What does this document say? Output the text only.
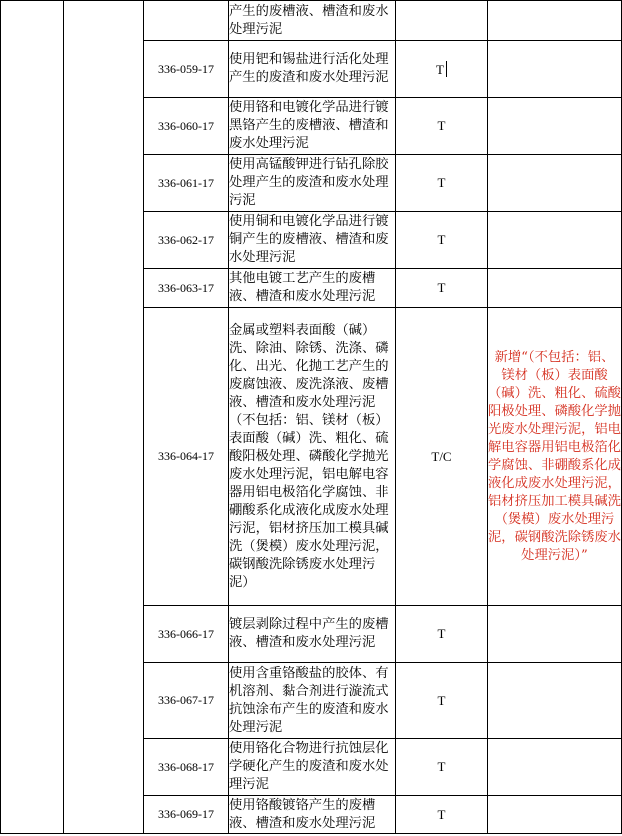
			产生的废槽液、槽渣和废水处理污泥		
		336-059-17	使用钯和锡盐进行活化处理产生的废渣和废水处理污泥	T	
		336-060-17	使用铬和电镀化学品进行镀黑铬产生的废槽液、槽渣和废水处理污泥	T	
		336-061-17	使用高锰酸钾进行钻孔除胶处理产生的废渣和废水处理污泥	T	
		336-062-17	使用铜和电镀化学品进行镀铜产生的废槽液、槽渣和废水处理污泥	T	
		336-063-17	其他电镀工艺产生的废槽液、槽渣和废水处理污泥	T	
		336-064-17	金属或塑料表面酸（碱）洗、除油、除锈、洗涤、磷化、出光、化抛工艺产生的废腐蚀液、废洗涤液、废槽液、槽渣和废水处理污泥（不包括：铝、镁材（板）表面酸（碱）洗、粗化、硫酸阳极处理、磷酸化学抛光废水处理污泥，铝电解电容器用铝电极箔化学腐蚀、非硼酸系化成液化成废水处理污泥，铝材挤压加工模具碱洗（煲模）废水处理污泥，碳钢酸洗除锈废水处理污泥）	T/C	新增“（不包括：铝、镁材（板）表面酸（碱）洗、粗化、硫酸阳极处理、磷酸化学抛光废水处理污泥，铝电解电容器用铝电极箔化学腐蚀、非硼酸系化成液化成废水处理污泥，铝材挤压加工模具碱洗（煲模）废水处理污泥，碳钢酸洗除锈废水处理污泥）”
		336-066-17	镀层剥除过程中产生的废槽液、槽渣和废水处理污泥	T	
		336-067-17	使用含重铬酸盐的胶体、有机溶剂、黏合剂进行漩流式抗蚀涂布产生的废渣和废水处理污泥	T	
		336-068-17	使用铬化合物进行抗蚀层化学硬化产生的废渣和废水处理污泥	T	
		336-069-17	使用铬酸镀铬产生的废槽液、槽渣和废水处理污泥	T	
